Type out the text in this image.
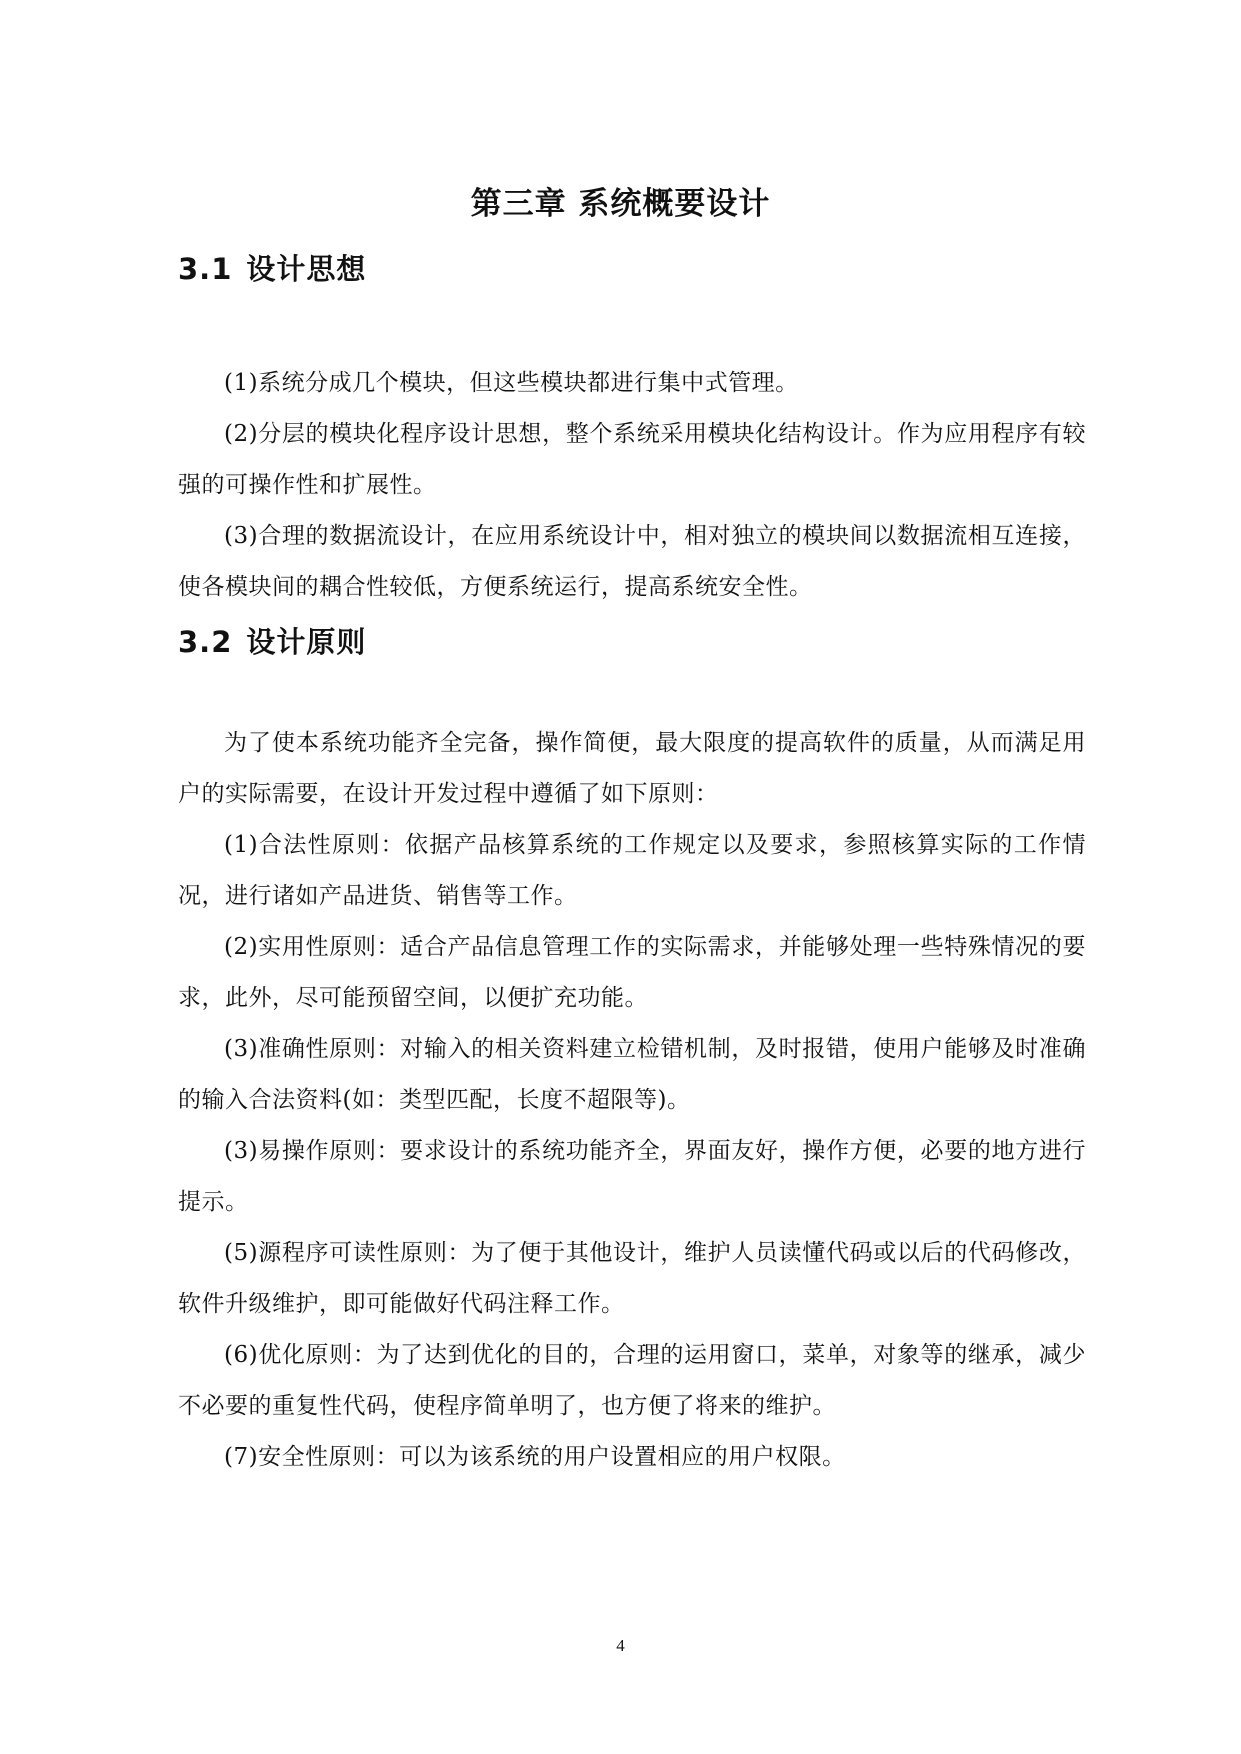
第三章 系统概要设计
3.1 设计思想

(1)系统分成几个模块，但这些模块都进行集中式管理。

(2)分层的模块化程序设计思想，整个系统采用模块化结构设计。作为应用程序有较强的可操作性和扩展性。

(3)合理的数据流设计，在应用系统设计中，相对独立的模块间以数据流相互连接，使各模块间的耦合性较低，方便系统运行，提高系统安全性。

3.2 设计原则

为了使本系统功能齐全完备，操作简便，最大限度的提高软件的质量，从而满足用户的实际需要，在设计开发过程中遵循了如下原则：

(1)合法性原则：依据产品核算系统的工作规定以及要求，参照核算实际的工作情况，进行诸如产品进货、销售等工作。

(2)实用性原则：适合产品信息管理工作的实际需求，并能够处理一些特殊情况的要求，此外，尽可能预留空间，以便扩充功能。

(3)准确性原则：对输入的相关资料建立检错机制，及时报错，使用户能够及时准确的输入合法资料(如：类型匹配，长度不超限等)。

(3)易操作原则：要求设计的系统功能齐全，界面友好，操作方便，必要的地方进行提示。

(5)源程序可读性原则：为了便于其他设计，维护人员读懂代码或以后的代码修改，软件升级维护，即可能做好代码注释工作。

(6)优化原则：为了达到优化的目的，合理的运用窗口，菜单，对象等的继承，减少不必要的重复性代码，使程序简单明了，也方便了将来的维护。

(7)安全性原则：可以为该系统的用户设置相应的用户权限。

4
